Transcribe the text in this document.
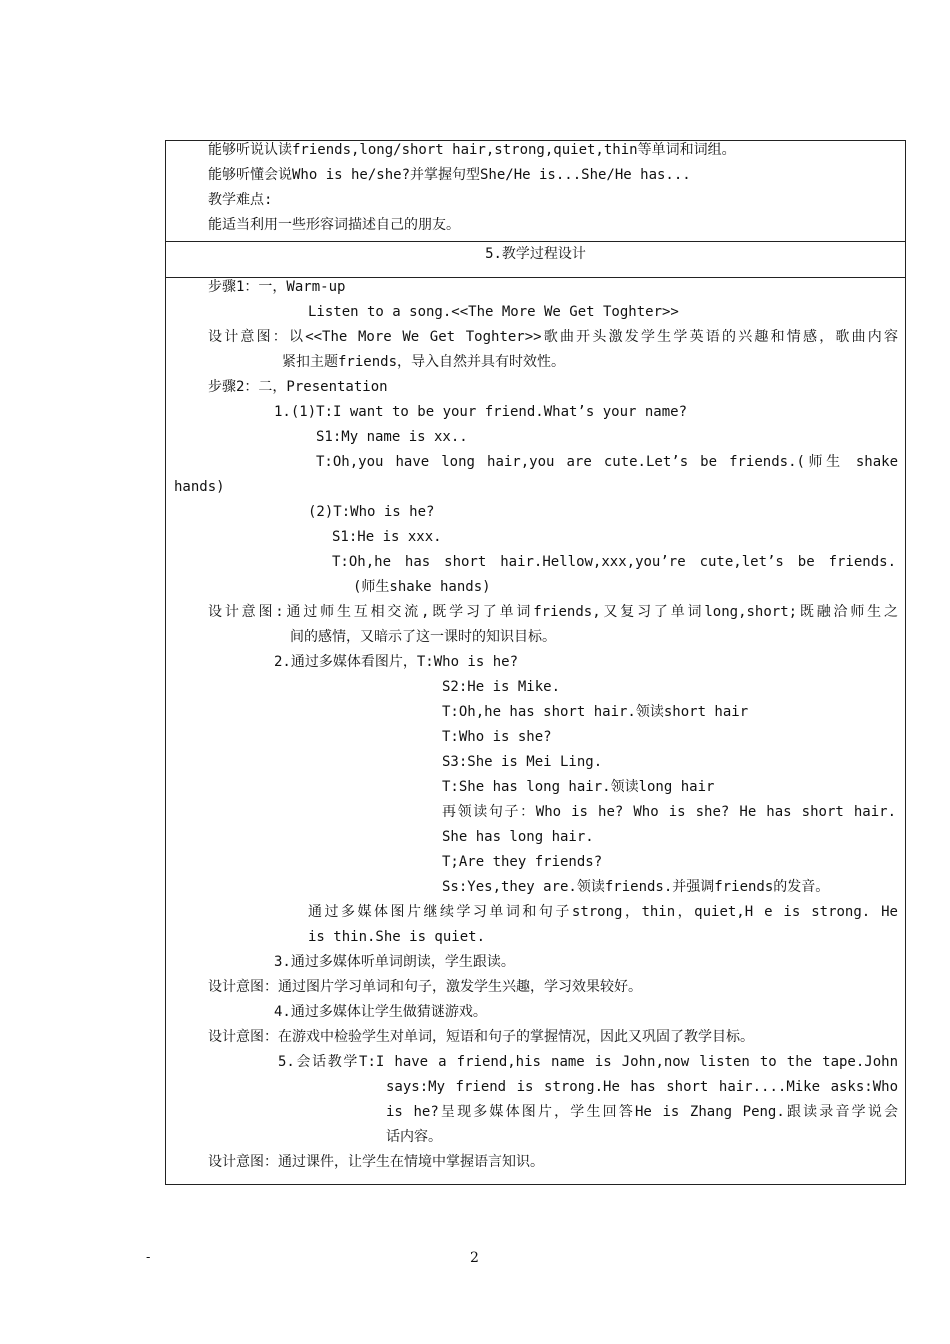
能够听说认读friends,long/short hair,strong,quiet,thin等单词和词组。
能够听懂会说Who is he/she?并掌握句型She/He is...She/He has...
教学难点:
能适当利用一些形容词描述自己的朋友。
5.教学过程设计
步骤1：一，Warm-up
Listen to a song.<<The More We Get Toghter>>
设计意图：以<<The More We Get Toghter>>歌曲开头激发学生学英语的兴趣和情感，歌曲内容
紧扣主题friends，导入自然并具有时效性。
步骤2：二，Presentation
1.(1)T:I want to be your friend.What’s your name?
S1:My name is xx..
T:Oh,you have long hair,you are cute.Let’s be friends.(师生 shake
hands)
(2)T:Who is he?
S1:He is xxx.
T:Oh,he has short hair.Hellow,xxx,you’re cute,let’s be friends.
(师生shake hands)
设计意图:通过师生互相交流,既学习了单词friends,又复习了单词long,short;既融洽师生之
间的感情，又暗示了这一课时的知识目标。
2.通过多媒体看图片，T:Who is he?
S2:He is Mike.
T:Oh,he has short hair.领读short hair
T:Who is she?
S3:She is Mei Ling.
T:She has long hair.领读long hair
再领读句子：Who is he? Who is she? He has short hair.
She has long hair.
T;Are they friends?
Ss:Yes,they are.领读friends.并强调friends的发音。
通过多媒体图片继续学习单词和句子strong，thin，quiet,H e is strong. He
is thin.She is quiet.
3.通过多媒体听单词朗读，学生跟读。
设计意图：通过图片学习单词和句子，激发学生兴趣，学习效果较好。
4.通过多媒体让学生做猜谜游戏。
设计意图：在游戏中检验学生对单词，短语和句子的掌握情况，因此又巩固了教学目标。
5.会话教学T:I have a friend,his name is John,now listen to the tape.John
says:My friend is strong.He has short hair....Mike asks:Who
is he?呈现多媒体图片，学生回答He is Zhang Peng.跟读录音学说会
话内容。
设计意图：通过课件，让学生在情境中掌握语言知识。
-	2
